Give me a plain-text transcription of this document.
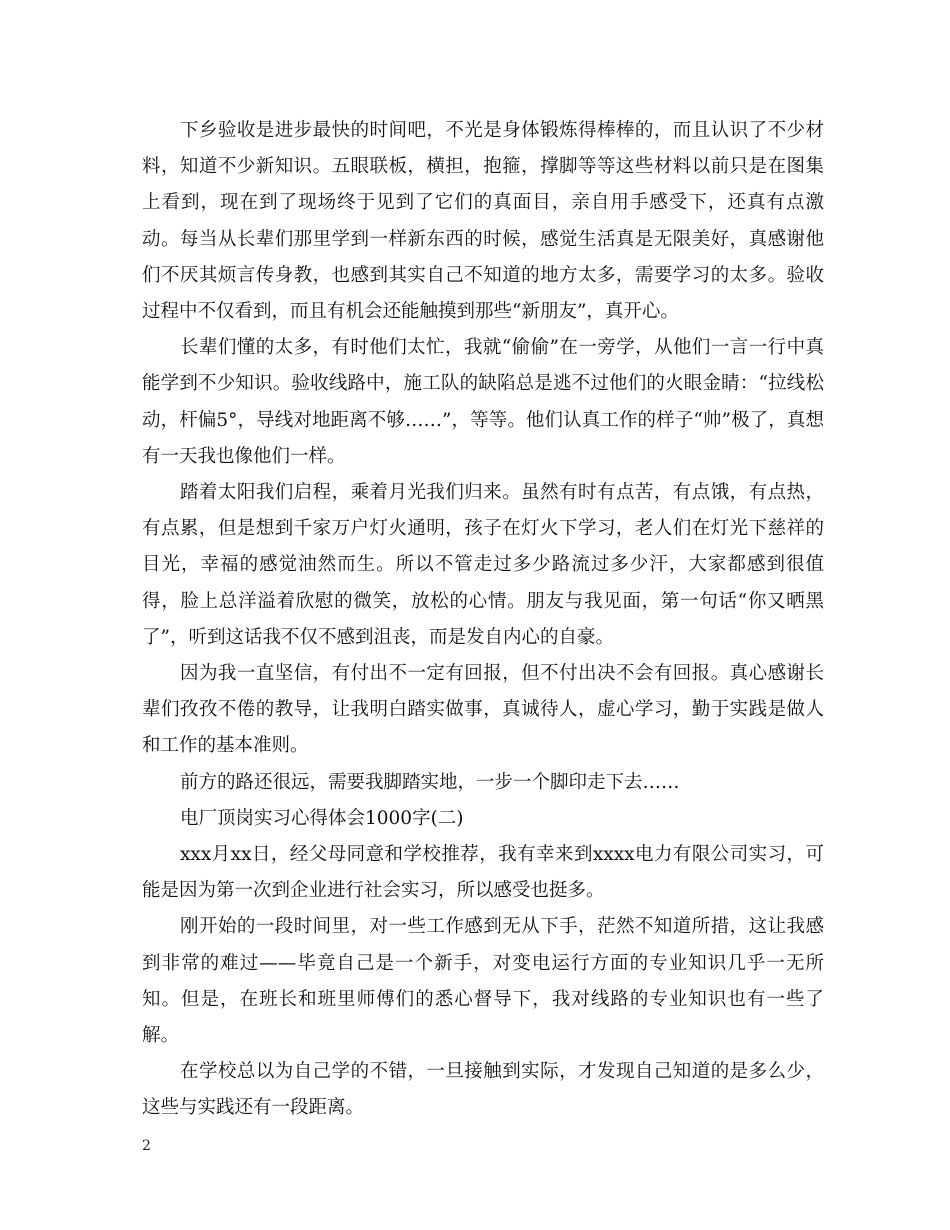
下乡验收是进步最快的时间吧，不光是身体锻炼得棒棒的，而且认识了不少材料，知道不少新知识。五眼联板，横担，抱箍，撑脚等等这些材料以前只是在图集上看到，现在到了现场终于见到了它们的真面目，亲自用手感受下，还真有点激动。每当从长辈们那里学到一样新东西的时候，感觉生活真是无限美好，真感谢他们不厌其烦言传身教，也感到其实自己不知道的地方太多，需要学习的太多。验收过程中不仅看到，而且有机会还能触摸到那些“新朋友”，真开心。

长辈们懂的太多，有时他们太忙，我就“偷偷”在一旁学，从他们一言一行中真能学到不少知识。验收线路中，施工队的缺陷总是逃不过他们的火眼金睛：“拉线松动，杆偏5°，导线对地距离不够……”，等等。他们认真工作的样子“帅”极了，真想有一天我也像他们一样。

踏着太阳我们启程，乘着月光我们归来。虽然有时有点苦，有点饿，有点热，有点累，但是想到千家万户灯火通明，孩子在灯火下学习，老人们在灯光下慈祥的目光，幸福的感觉油然而生。所以不管走过多少路流过多少汗，大家都感到很值得，脸上总洋溢着欣慰的微笑，放松的心情。朋友与我见面，第一句话“你又晒黑了”，听到这话我不仅不感到沮丧，而是发自内心的自豪。

因为我一直坚信，有付出不一定有回报，但不付出决不会有回报。真心感谢长辈们孜孜不倦的教导，让我明白踏实做事，真诚待人，虚心学习，勤于实践是做人和工作的基本准则。

前方的路还很远，需要我脚踏实地，一步一个脚印走下去……

电厂顶岗实习心得体会1000字(二)

xxx月xx日，经父母同意和学校推荐，我有幸来到xxxx电力有限公司实习，可能是因为第一次到企业进行社会实习，所以感受也挺多。

刚开始的一段时间里，对一些工作感到无从下手，茫然不知道所措，这让我感到非常的难过——毕竟自己是一个新手，对变电运行方面的专业知识几乎一无所知。但是，在班长和班里师傅们的悉心督导下，我对线路的专业知识也有一些了解。

在学校总以为自己学的不错，一旦接触到实际，才发现自己知道的是多么少，这些与实践还有一段距离。

2
